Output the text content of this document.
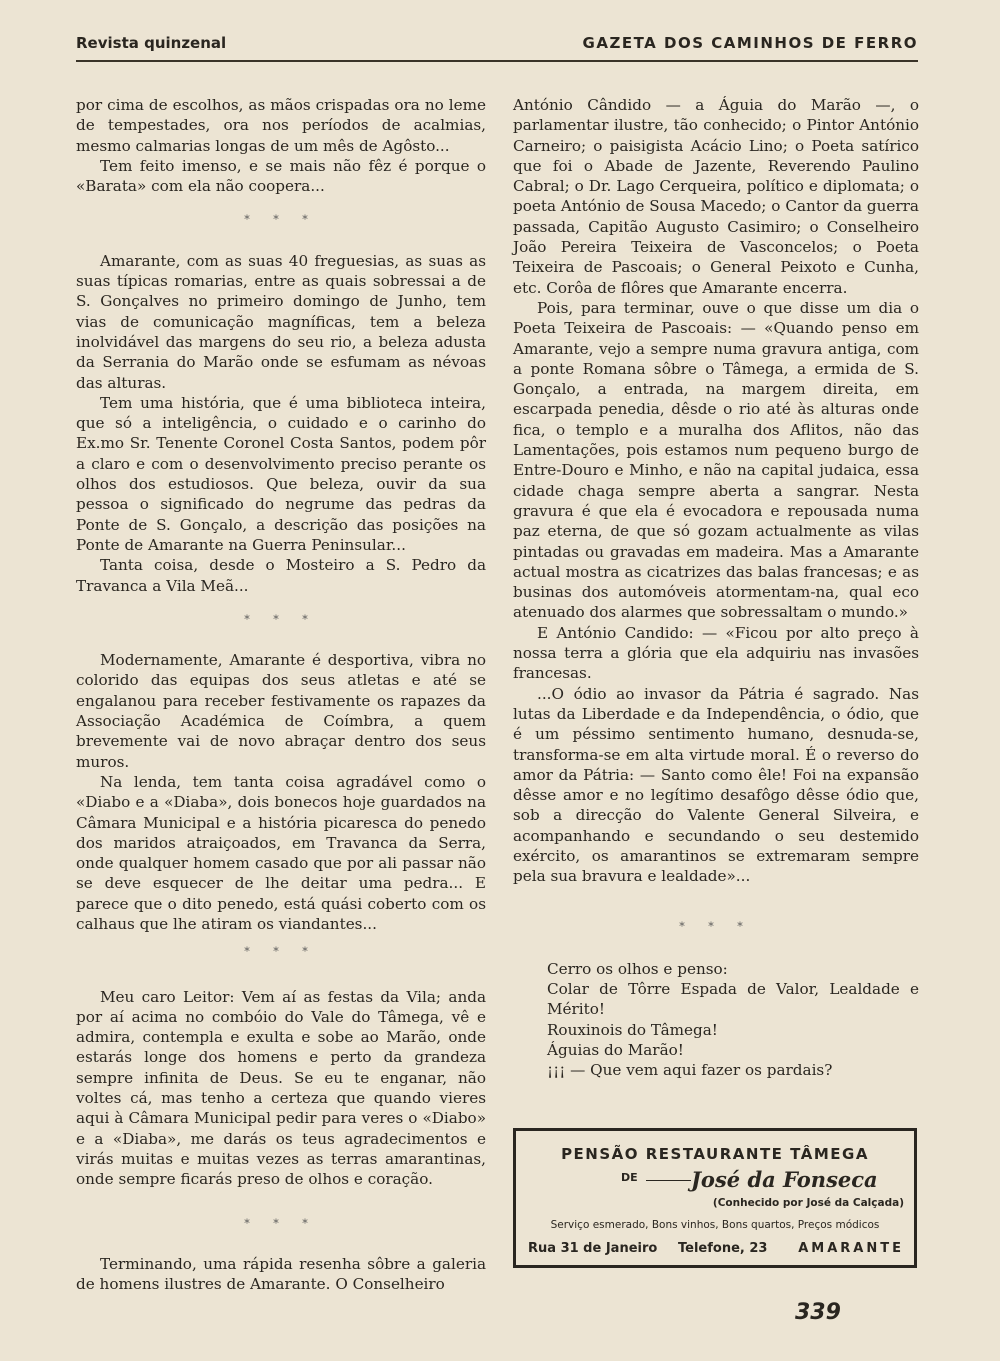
Revista quinzenal	GAZETA DOS CAMINHOS DE FERRO

por cima de escolhos, as mãos crispadas ora no leme de tempestades, ora nos períodos de acalmias, mesmo calmarias longas de um mês de Agôsto...

Tem feito imenso, e se mais não fêz é porque o «Barata» com ela não coopera...

* * *

Amarante, com as suas 40 freguesias, as suas as suas típicas romarias, entre as quais sobressai a de S. Gonçalves no primeiro domingo de Junho, tem vias de comunicação magníficas, tem a beleza inolvidável das margens do seu rio, a beleza adusta da Serrania do Marão onde se esfumam as névoas das alturas.

Tem uma história, que é uma biblioteca inteira, que só a inteligência, o cuidado e o carinho do Ex.mo Sr. Tenente Coronel Costa Santos, podem pôr a claro e com o desenvolvimento preciso perante os olhos dos estudiosos. Que beleza, ouvir da sua pessoa o significado do negrume das pedras da Ponte de S. Gonçalo, a descrição das posições na Ponte de Amarante na Guerra Peninsular...

Tanta coisa, desde o Mosteiro a S. Pedro da Travanca a Vila Meã...

* * *

Modernamente, Amarante é desportiva, vibra no colorido das equipas dos seus atletas e até se engalanou para receber festivamente os rapazes da Associação Académica de Coímbra, a quem brevemente vai de novo abraçar dentro dos seus muros.

Na lenda, tem tanta coisa agradável como o «Diabo e a «Diaba», dois bonecos hoje guardados na Câmara Municipal e a história picaresca do penedo dos maridos atraiçoados, em Travanca da Serra, onde qualquer homem casado que por ali passar não se deve esquecer de lhe deitar uma pedra... E parece que o dito penedo, está quási coberto com os calhaus que lhe atiram os viandantes...

* * *

Meu caro Leitor: Vem aí as festas da Vila; anda por aí acima no combóio do Vale do Tâmega, vê e admira, contempla e exulta e sobe ao Marão, onde estarás longe dos homens e perto da grandeza sempre infinita de Deus. Se eu te enganar, não voltes cá, mas tenho a certeza que quando vieres aqui à Câmara Municipal pedir para veres o «Diabo» e a «Diaba», me darás os teus agradecimentos e virás muitas e muitas vezes as terras amarantinas, onde sempre ficarás preso de olhos e coração.

* * *

Terminando, uma rápida resenha sôbre a galeria de homens ilustres de Amarante. O Conselheiro

António Cândido — a Águia do Marão —, o parlamentar ilustre, tão conhecido; o Pintor António Carneiro; o paisigista Acácio Lino; o Poeta satírico que foi o Abade de Jazente, Reverendo Paulino Cabral; o Dr. Lago Cerqueira, político e diplomata; o poeta António de Sousa Macedo; o Cantor da guerra passada, Capitão Augusto Casimiro; o Conselheiro João Pereira Teixeira de Vasconcelos; o Poeta Teixeira de Pascoais; o General Peixoto e Cunha, etc. Corôa de flôres que Amarante encerra.

Pois, para terminar, ouve o que disse um dia o Poeta Teixeira de Pascoais: — «Quando penso em Amarante, vejo a sempre numa gravura antiga, com a ponte Romana sôbre o Tâmega, a ermida de S. Gonçalo, a entrada, na margem direita, em escarpada penedia, dêsde o rio até às alturas onde fica, o templo e a muralha dos Aflitos, não das Lamentações, pois estamos num pequeno burgo de Entre-Douro e Minho, e não na capital judaica, essa cidade chaga sempre aberta a sangrar. Nesta gravura é que ela é evocadora e repousada numa paz eterna, de que só gozam actualmente as vilas pintadas ou gravadas em madeira. Mas a Amarante actual mostra as cicatrizes das balas francesas; e as businas dos automóveis atormentam-na, qual eco atenuado dos alarmes que sobressaltam o mundo.»

E António Candido: — «Ficou por alto preço à nossa terra a glória que ela adquiriu nas invasões francesas.

...O ódio ao invasor da Pátria é sagrado. Nas lutas da Liberdade e da Independência, o ódio, que é um péssimo sentimento humano, desnuda-se, transforma-se em alta virtude moral. É o reverso do amor da Pátria: — Santo como êle! Foi na expansão dêsse amor e no legítimo desafôgo dêsse ódio que, sob a direcção do Valente General Silveira, e acompanhando e secundando o seu destemido exército, os amarantinos se extremaram sempre pela sua bravura e lealdade»...

* * *
Cerro os olhos e penso:
Colar de Tôrre Espada de Valor, Lealdade e Mérito!
Rouxinois do Tâmega!
Águias do Marão!
¡¡¡ — Que vem aqui fazer os pardais?
PENSÃO RESTAURANTE TÂMEGA
DE	José da Fonseca
(Conhecido por José da Calçada)
Serviço esmerado, Bons vinhos, Bons quartos, Preços módicos
Rua 31 de Janeiro Telefone, 23 AMARANTE
339
